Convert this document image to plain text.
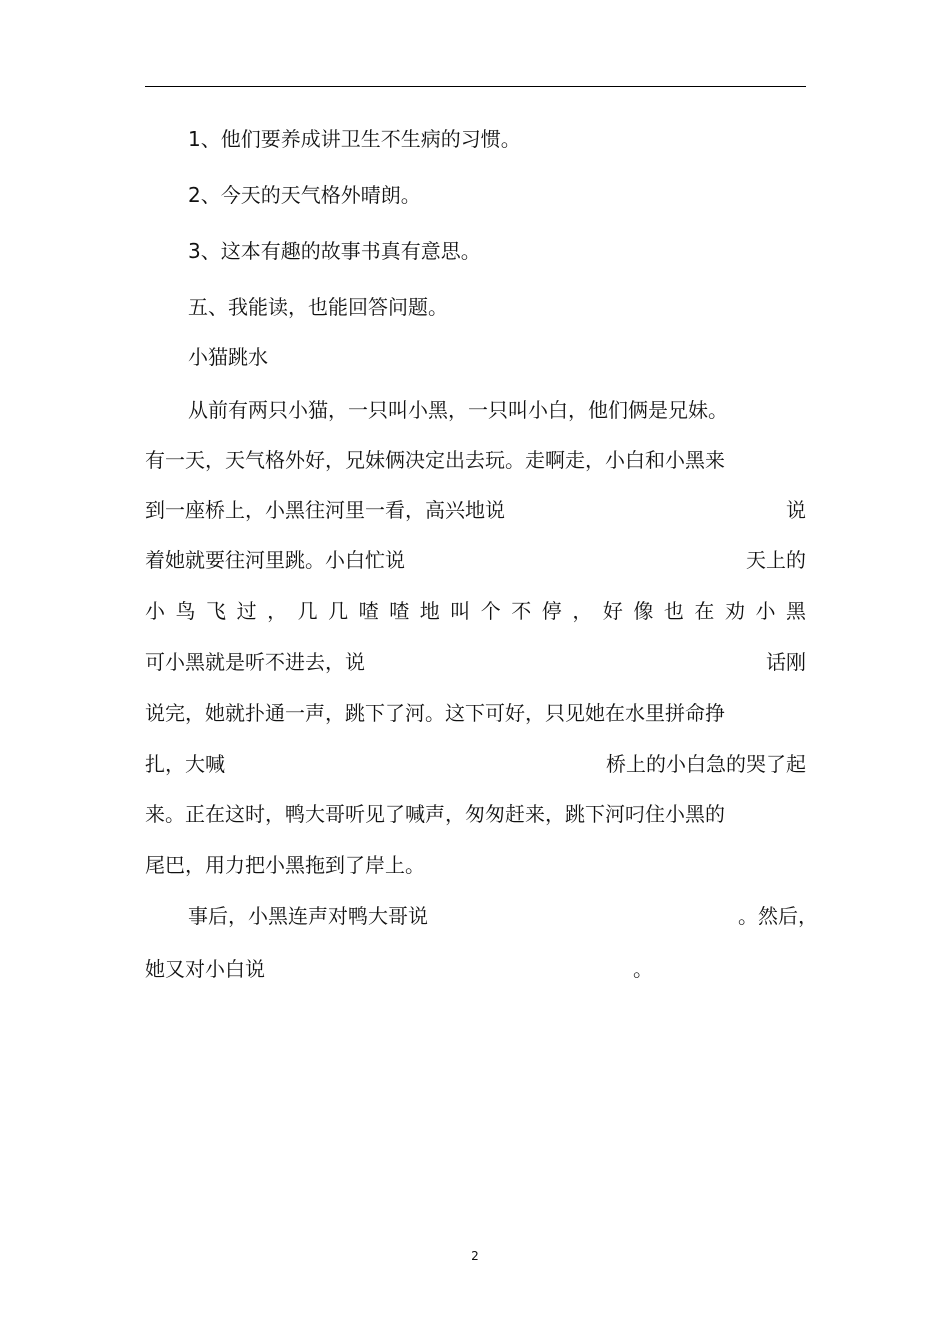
1、他们要养成讲卫生不生病的习惯。
2、今天的天气格外晴朗。
3、这本有趣的故事书真有意思。
五、我能读，也能回答问题。
小猫跳水
从前有两只小猫，一只叫小黑，一只叫小白，他们俩是兄妹。
有一天，天气格外好，兄妹俩决定出去玩。走啊走，小白和小黑来
到一座桥上，小黑往河里一看，高兴地说	说
着她就要往河里跳。小白忙说	天上的
小鸟飞过，几几喳喳地叫个不停，好像也在劝小黑
可小黑就是听不进去，说	话刚
说完，她就扑通一声，跳下了河。这下可好，只见她在水里拼命挣
扎，大喊	桥上的小白急的哭了起
来。正在这时，鸭大哥听见了喊声，匆匆赶来，跳下河叼住小黑的
尾巴，用力把小黑拖到了岸上。
事后，小黑连声对鸭大哥说	。然后，
她又对小白说	。
2
